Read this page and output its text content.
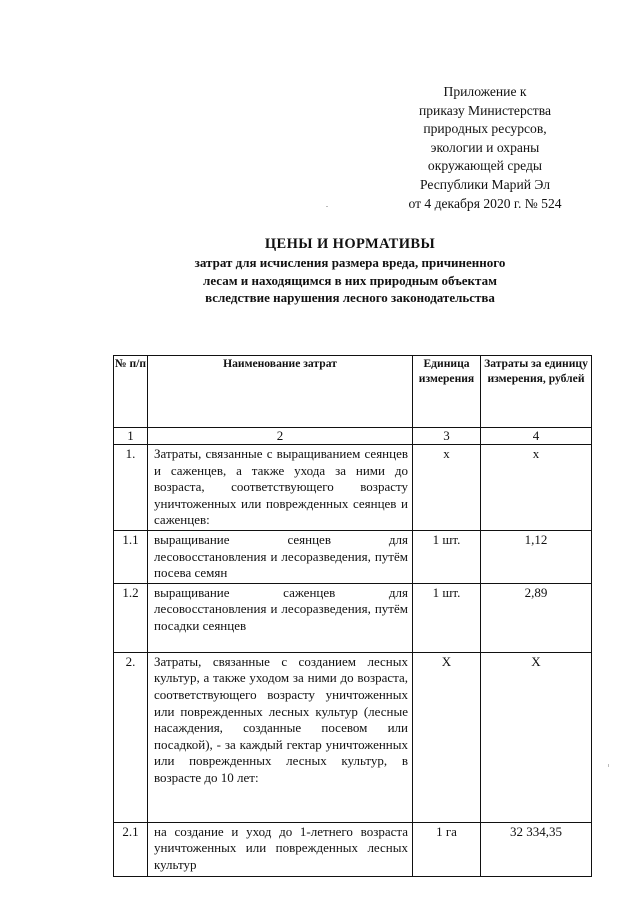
Приложение к
приказу Министерства
природных ресурсов,
экологии и охраны
окружающей среды
Республики Марий Эл
от 4 декабря 2020 г. № 524
ЦЕНЫ И НОРМАТИВЫ
затрат для исчисления размера вреда, причиненного
лесам и находящимся в них природным объектам
вследствие нарушения лесного законодательства
№ п/п	Наименование затрат	Единица измерения	Затраты за единицу измерения, рублей
1	2	3	4
1.	Затраты, связанные с выращиванием сеянцев и саженцев, а также ухода за ними до возраста, соответствующего возрасту уничтоженных или поврежденных сеянцев и саженцев:	х	х
1.1	выращивание сеянцев для лесовосстановления и лесоразведения, путём посева семян	1 шт.	1,12
1.2	выращивание саженцев для лесовосстановления и лесоразведения, путём посадки сеянцев	1 шт.	2,89
2.	Затраты, связанные с созданием лесных культур, а также уходом за ними до возраста, соответствующего возрасту уничтоженных или поврежденных лесных культур (лесные насаждения, созданные посевом или посадкой), - за каждый гектар уничтоженных или поврежденных лесных культур, в возрасте до 10 лет:	Х	Х
2.1	на создание и уход до 1-летнего возраста уничтоженных или поврежденных лесных культур	1 га	32 334,35
